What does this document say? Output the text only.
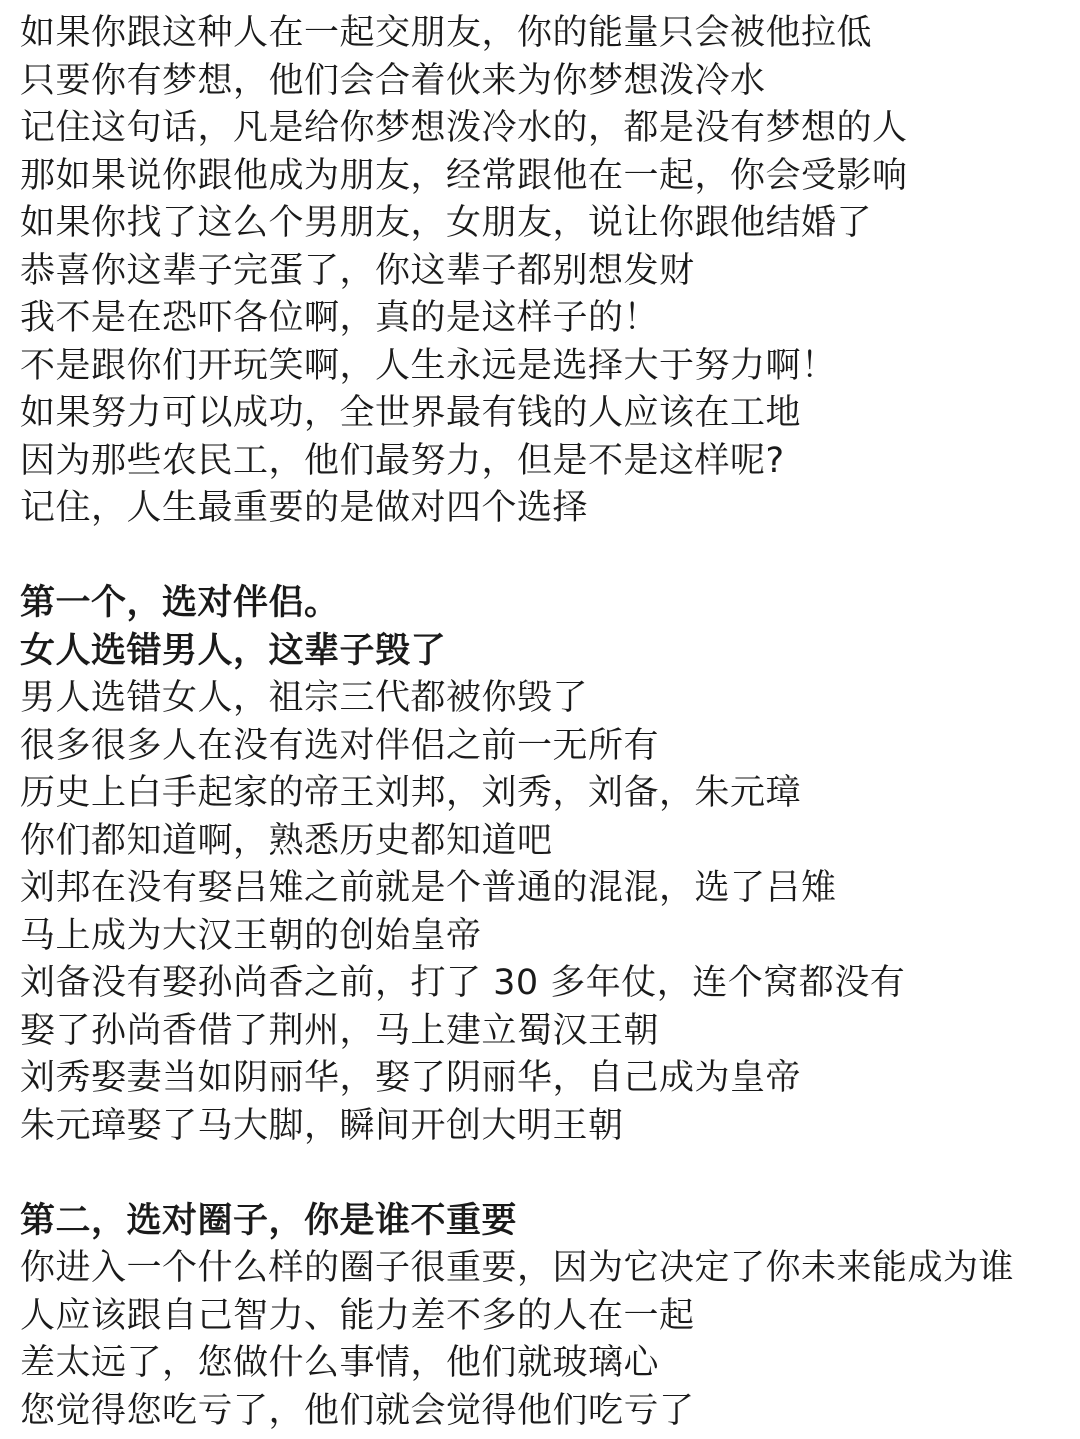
如果你跟这种人在一起交朋友，你的能量只会被他拉低
只要你有梦想，他们会合着伙来为你梦想泼冷水
记住这句话，凡是给你梦想泼冷水的，都是没有梦想的人
那如果说你跟他成为朋友，经常跟他在一起，你会受影响
如果你找了这么个男朋友，女朋友，说让你跟他结婚了
恭喜你这辈子完蛋了，你这辈子都别想发财
我不是在恐吓各位啊，真的是这样子的！
不是跟你们开玩笑啊，人生永远是选择大于努力啊！
如果努力可以成功，全世界最有钱的人应该在工地
因为那些农民工，他们最努力，但是不是这样呢?
记住，人生最重要的是做对四个选择
第一个，选对伴侣。
女人选错男人，这辈子毁了
男人选错女人，祖宗三代都被你毁了
很多很多人在没有选对伴侣之前一无所有
历史上白手起家的帝王刘邦，刘秀，刘备，朱元璋
你们都知道啊，熟悉历史都知道吧
刘邦在没有娶吕雉之前就是个普通的混混，选了吕雉
马上成为大汉王朝的创始皇帝
刘备没有娶孙尚香之前，打了 30 多年仗，连个窝都没有
娶了孙尚香借了荆州，马上建立蜀汉王朝
刘秀娶妻当如阴丽华，娶了阴丽华，自己成为皇帝
朱元璋娶了马大脚，瞬间开创大明王朝
第二，选对圈子，你是谁不重要
你进入一个什么样的圈子很重要，因为它决定了你未来能成为谁
人应该跟自己智力、能力差不多的人在一起
差太远了，您做什么事情，他们就玻璃心
您觉得您吃亏了，他们就会觉得他们吃亏了
